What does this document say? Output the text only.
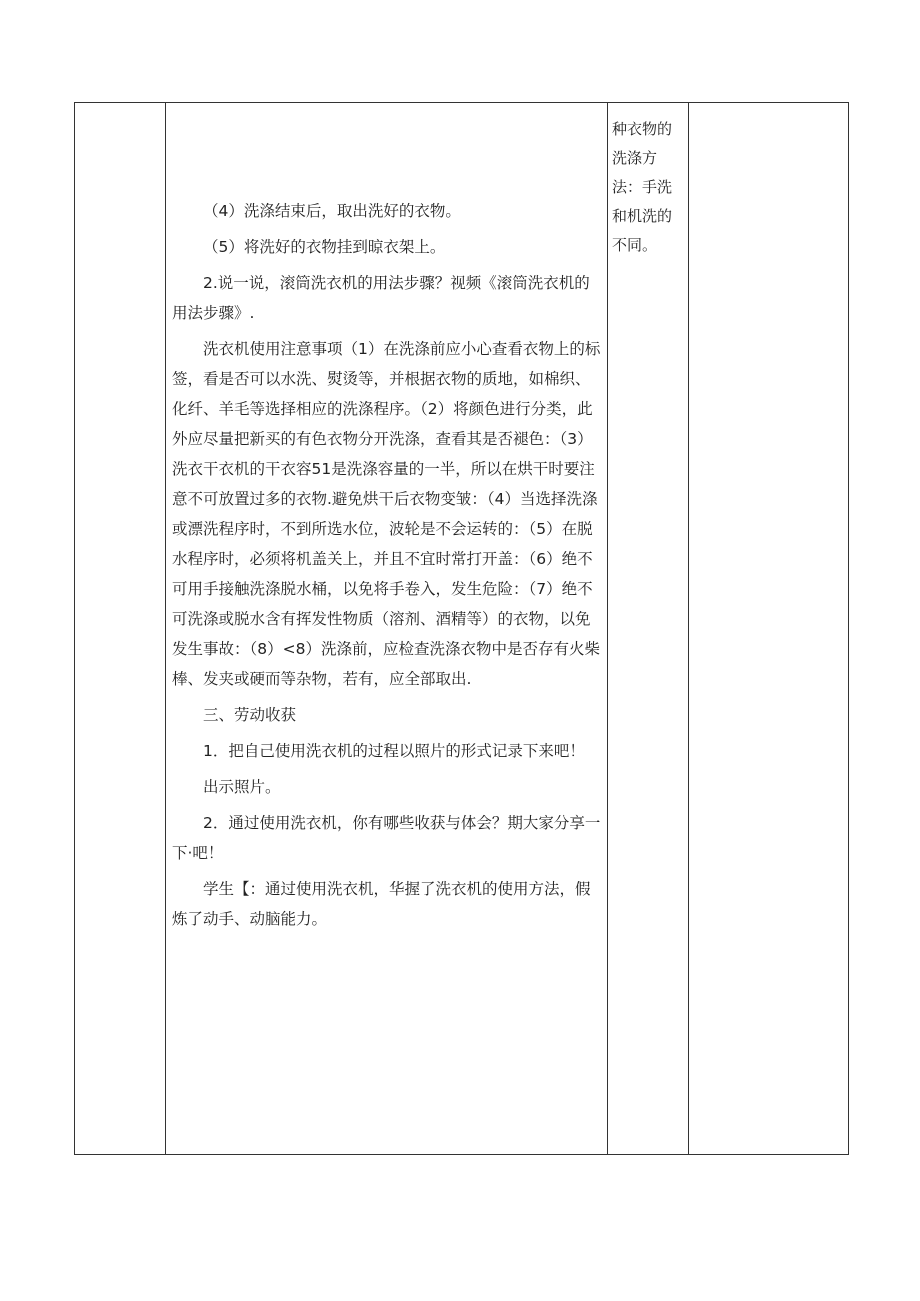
（4）洗涤结束后，取出洗好的衣物。

（5）将洗好的衣物挂到晾衣架上。

2.说一说，滚筒洗衣机的用法步骤？视频《滚筒洗衣机的用法步骤》.

洗衣机使用注意事项（1）在洗涤前应小心查看衣物上的标签，看是否可以水洗、熨烫等，并根据衣物的质地，如棉织、化纤、羊毛等选择相应的洗涤程序。（2）将颜色进行分类，此外应尽量把新买的有色衣物分开洗涤，查看其是否褪色：（3）洗衣干衣机的干衣容51是洗涤容量的一半，所以在烘干时要注意不可放置过多的衣物.避免烘干后衣物变皱：（4）当选择洗涤或漂洗程序时，不到所选水位，波轮是不会运转的：（5）在脱水程序时，必须将机盖关上，并且不宜时常打开盖：（6）绝不可用手接触洗涤脱水桶，以免将手卷入，发生危险：（7）绝不可洗涤或脱水含有挥发性物质（溶剂、酒精等）的衣物，以免发生事故：（8）<8）洗涤前，应检查洗涤衣物中是否存有火柴棒、发夹或硬而等杂物，若有，应全部取出.

三、劳动收获

1．把自己使用洗衣机的过程以照片的形式记录下来吧！

出示照片。

2．通过使用洗衣机，你有哪些收获与体会？期大家分享一下·吧！

学生【：通过使用洗衣机，华握了洗衣机的使用方法，假炼了动手、动脑能力。

种衣物的洗涤方法：手洗和机洗的不同。
